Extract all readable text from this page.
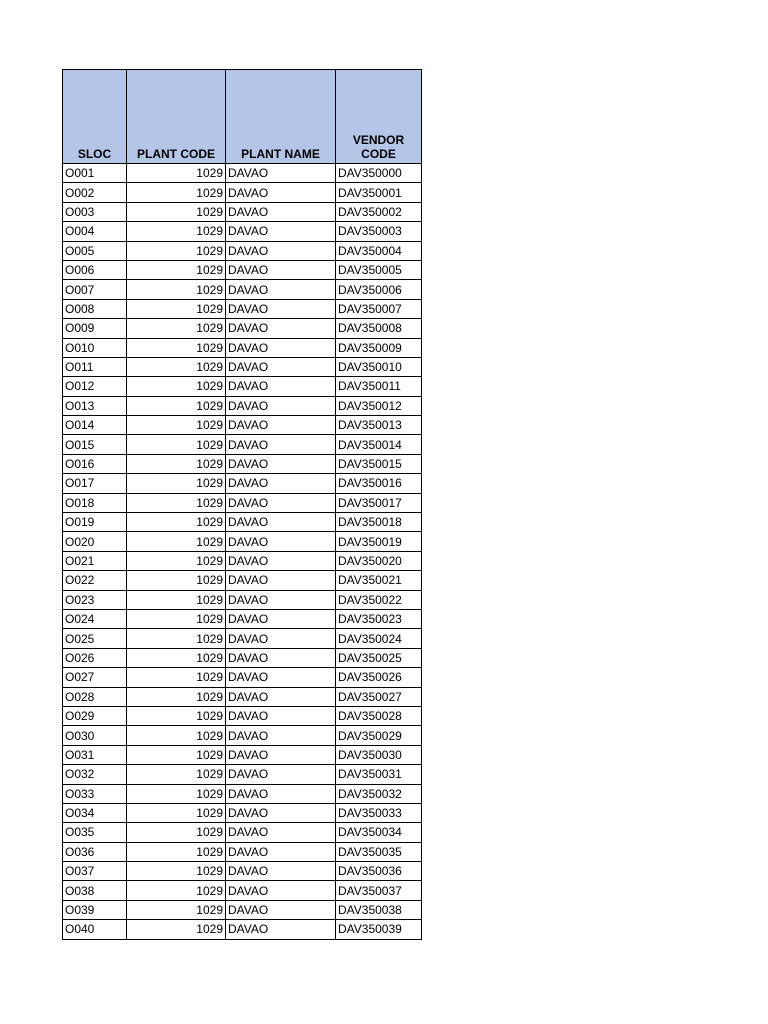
SLOC	PLANT CODE	PLANT NAME	VENDOR CODE
O001	1029	DAVAO	DAV350000
O002	1029	DAVAO	DAV350001
O003	1029	DAVAO	DAV350002
O004	1029	DAVAO	DAV350003
O005	1029	DAVAO	DAV350004
O006	1029	DAVAO	DAV350005
O007	1029	DAVAO	DAV350006
O008	1029	DAVAO	DAV350007
O009	1029	DAVAO	DAV350008
O010	1029	DAVAO	DAV350009
O011	1029	DAVAO	DAV350010
O012	1029	DAVAO	DAV350011
O013	1029	DAVAO	DAV350012
O014	1029	DAVAO	DAV350013
O015	1029	DAVAO	DAV350014
O016	1029	DAVAO	DAV350015
O017	1029	DAVAO	DAV350016
O018	1029	DAVAO	DAV350017
O019	1029	DAVAO	DAV350018
O020	1029	DAVAO	DAV350019
O021	1029	DAVAO	DAV350020
O022	1029	DAVAO	DAV350021
O023	1029	DAVAO	DAV350022
O024	1029	DAVAO	DAV350023
O025	1029	DAVAO	DAV350024
O026	1029	DAVAO	DAV350025
O027	1029	DAVAO	DAV350026
O028	1029	DAVAO	DAV350027
O029	1029	DAVAO	DAV350028
O030	1029	DAVAO	DAV350029
O031	1029	DAVAO	DAV350030
O032	1029	DAVAO	DAV350031
O033	1029	DAVAO	DAV350032
O034	1029	DAVAO	DAV350033
O035	1029	DAVAO	DAV350034
O036	1029	DAVAO	DAV350035
O037	1029	DAVAO	DAV350036
O038	1029	DAVAO	DAV350037
O039	1029	DAVAO	DAV350038
O040	1029	DAVAO	DAV350039
